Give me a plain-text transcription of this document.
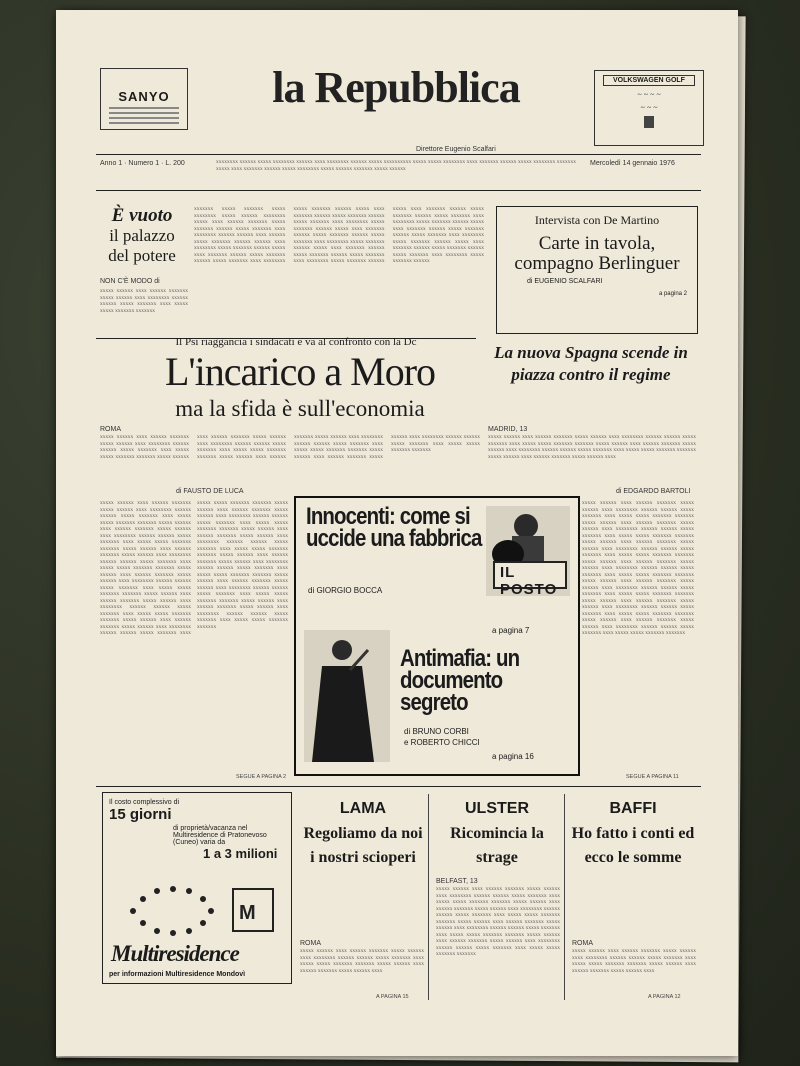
SANYO	la Repubblica
Direttore Eugenio Scalfari
VOLKSWAGEN GOLF
~ ~ ~ ~
~ ~ ~
Anno 1 · Numero 1 · L. 200	xxxxxxxx xxxxxx xxxxx xxxxxxxx xxxxxx xxxx xxxxxxxx xxxxxx xxxxx xxxxxxxxxx xxxxx xxxxx xxxxxxxx xxxx xxxxxxx xxxxxx xxxxx xxxxxxxx xxxxxxx xxxxx xxxx xxxxxxx xxxxxx xxxxx xxxxxxxx xxxxx xxxxxx xxxxxxx xxxxx xxxxxx
Mercoledì 14 gennaio 1976
È vuoto
il palazzo del potere
NON C'È MODO di
xxxxx xxxxxx xxxx xxxxxx xxxxxxx xxxxx xxxxxx xxxx xxxxxxxx xxxxxx xxxxxx xxxxx xxxxxxx xxxx xxxxx xxxxx xxxxxxx xxxxxxx
xxxxxxx xxxxx xxxxxxx xxxxx xxxxxxxx xxxxx xxxxxx xxxxxxxx xxxxx xxxx xxxxxx xxxxxxx xxxxx xxxxxxx xxxxxx xxxxx xxxxxxx xxxx xxxxxxxx xxxxxx xxxxxx xxxx xxxxxx xxxxx xxxxxxx xxxxxx xxxxxx xxxx xxxxxxxx xxxxx xxxxxxx xxxxxx xxxxx xxxx xxxxxxx xxxxxx xxxxx xxxxxxx xxxxxx xxxxx xxxxxxx xxxx xxxxxxxx xxxxx xxxxxxx xxxxxx xxxxx xxxx xxxxxxx xxxxxx xxxxx xxxxxxx xxxxxx xxxxx xxxxxxx xxxx xxxxxxxx xxxxx xxxxxxx xxxxxx xxxxx xxxx xxxxxxx xxxxxx xxxxx xxxxxxx xxxxxx xxxxx xxxxxxx xxxx xxxxxxxx xxxxx xxxxxxx xxxxxx xxxxx xxxx xxxxxxx xxxxxx xxxxx xxxxxxx xxxxxx xxxxx xxxxxxx xxxx xxxxxxxx xxxxx xxxxxxx xxxxxx xxxxx xxxx xxxxxxx xxxxxx xxxxx xxxxxxx xxxxxx xxxxx xxxxxxx xxxx xxxxxxxx xxxxx xxxxxxx xxxxxx xxxxx xxxx xxxxxxx xxxxxx xxxxx xxxxxxx xxxxxx xxxxx xxxxxxx xxxx xxxxxxxx xxxxx xxxxxxx xxxxxx xxxxx xxxx xxxxxxx xxxxxx xxxxx xxxxxxx xxxxxx xxxxx xxxxxxx xxxx xxxxxxxx xxxxx xxxxxxx xxxxxx
Intervista con De Martino
Carte in tavola, compagno Berlinguer
di EUGENIO SCALFARI
a pagina 2
Il Psi riaggancia i sindacati e va al confronto con la Dc
L'incarico a Moro
ma la sfida è sull'economia
La nuova Spagna scende in piazza contro il regime
ROMA
xxxxx xxxxxx xxxx xxxxxx xxxxxxx xxxxx xxxxxx xxxx xxxxxxxx xxxxxx xxxxxx xxxxx xxxxxxx xxxx xxxxx xxxxx xxxxxxx xxxxxxx xxxxx xxxxxx xxxx xxxxxx xxxxxxx xxxxx xxxxxx xxxx xxxxxxxx xxxxxx xxxxxx xxxxx xxxxxxx xxxx xxxxx xxxxx xxxxxxx xxxxxxx xxxxx xxxxxx xxxx xxxxxx xxxxxxx xxxxx xxxxxx xxxx xxxxxxxx xxxxxx xxxxxx xxxxx xxxxxxx xxxx xxxxx xxxxx xxxxxxx xxxxxxx xxxxx xxxxxx xxxx xxxxxx xxxxxxx xxxxx xxxxxx xxxx xxxxxxxx xxxxxx xxxxxx xxxxx xxxxxxx xxxx xxxxx xxxxx xxxxxxx xxxxxxx
MADRID, 13
xxxxx xxxxxx xxxx xxxxxx xxxxxxx xxxxx xxxxxx xxxx xxxxxxxx xxxxxx xxxxxx xxxxx xxxxxxx xxxx xxxxx xxxxx xxxxxxx xxxxxxx xxxxx xxxxxx xxxx xxxxxx xxxxxxx xxxxx xxxxxx xxxx xxxxxxxx xxxxxx xxxxxx xxxxx xxxxxxx xxxx xxxxx xxxxx xxxxxxx xxxxxxx xxxxx xxxxxx xxxx xxxxxx xxxxxxx xxxxx xxxxxx xxxx
di FAUSTO DE LUCA	di EDGARDO BARTOLI
xxxxx xxxxxx xxxx xxxxxx xxxxxxx xxxxx xxxxxx xxxx xxxxxxxx xxxxxx xxxxxx xxxxx xxxxxxx xxxx xxxxx xxxxx xxxxxxx xxxxxxx xxxxx xxxxxx xxxx xxxxxx xxxxxxx xxxxx xxxxxx xxxx xxxxxxxx xxxxxx xxxxxx xxxxx xxxxxxx xxxx xxxxx xxxxx xxxxxxx xxxxxxx xxxxx xxxxxx xxxx xxxxxx xxxxxxx xxxxx xxxxxx xxxx xxxxxxxx xxxxxx xxxxxx xxxxx xxxxxxx xxxx xxxxx xxxxx xxxxxxx xxxxxxx xxxxx xxxxxx xxxx xxxxxx xxxxxxx xxxxx xxxxxx xxxx xxxxxxxx xxxxxx xxxxxx xxxxx xxxxxxx xxxx xxxxx xxxxx xxxxxxx xxxxxxx xxxxx xxxxxx xxxx xxxxxx xxxxxxx xxxxx xxxxxx xxxx xxxxxxxx xxxxxx xxxxxx xxxxx xxxxxxx xxxx xxxxx xxxxx xxxxxxx xxxxxxx xxxxx xxxxxx xxxx xxxxxx xxxxxxx xxxxx xxxxxx xxxx xxxxxxxx xxxxxx xxxxxx xxxxx xxxxxxx xxxx xxxxx xxxxx xxxxxxx xxxxxxx xxxxx xxxxxx xxxx xxxxxx xxxxxxx xxxxx xxxxxx xxxx xxxxxxxx xxxxxx xxxxxx xxxxx xxxxxxx xxxx xxxxx xxxxx xxxxxxx xxxxxxx xxxxx xxxxxx xxxx xxxxxx xxxxxxx xxxxx xxxxxx xxxx xxxxxxxx xxxxxx xxxxxx xxxxx xxxxxxx xxxx xxxxx xxxxx xxxxxxx xxxxxxx xxxxx xxxxxx xxxx xxxxxx xxxxxxx xxxxx xxxxxx xxxx xxxxxxxx xxxxxx xxxxxx xxxxx xxxxxxx xxxx xxxxx xxxxx xxxxxxx xxxxxxx xxxxx xxxxxx xxxx xxxxxx xxxxxxx xxxxx xxxxxx xxxx xxxxxxxx xxxxxx xxxxxx xxxxx xxxxxxx xxxx xxxxx xxxxx xxxxxxx xxxxxxx xxxxx xxxxxx xxxx xxxxxx xxxxxxx xxxxx xxxxxx xxxx xxxxxxxx xxxxxx xxxxxx xxxxx xxxxxxx xxxx xxxxx xxxxx xxxxxxx xxxxxxx
SEGUE A PAGINA 2
xxxxx xxxxxx xxxx xxxxxx xxxxxxx xxxxx xxxxxx xxxx xxxxxxxx xxxxxx xxxxxx xxxxx xxxxxxx xxxx xxxxx xxxxx xxxxxxx xxxxxxx xxxxx xxxxxx xxxx xxxxxx xxxxxxx xxxxx xxxxxx xxxx xxxxxxxx xxxxxx xxxxxx xxxxx xxxxxxx xxxx xxxxx xxxxx xxxxxxx xxxxxxx xxxxx xxxxxx xxxx xxxxxx xxxxxxx xxxxx xxxxxx xxxx xxxxxxxx xxxxxx xxxxxx xxxxx xxxxxxx xxxx xxxxx xxxxx xxxxxxx xxxxxxx xxxxx xxxxxx xxxx xxxxxx xxxxxxx xxxxx xxxxxx xxxx xxxxxxxx xxxxxx xxxxxx xxxxx xxxxxxx xxxx xxxxx xxxxx xxxxxxx xxxxxxx xxxxx xxxxxx xxxx xxxxxx xxxxxxx xxxxx xxxxxx xxxx xxxxxxxx xxxxxx xxxxxx xxxxx xxxxxxx xxxx xxxxx xxxxx xxxxxxx xxxxxxx xxxxx xxxxxx xxxx xxxxxx xxxxxxx xxxxx xxxxxx xxxx xxxxxxxx xxxxxx xxxxxx xxxxx xxxxxxx xxxx xxxxx xxxxx xxxxxxx xxxxxxx xxxxx xxxxxx xxxx xxxxxx xxxxxxx xxxxx xxxxxx xxxx xxxxxxxx xxxxxx xxxxxx xxxxx xxxxxxx xxxx xxxxx xxxxx xxxxxxx xxxxxxx
SEGUE A PAGINA 11
IL POSTO
Innocenti: come si uccide una fabbrica
di GIORGIO BOCCA
a pagina 7
Antimafia: un documento segreto
di BRUNO CORBI
e ROBERTO CHICCI
a pagina 16
Il costo complessivo di
15 giorni
di proprietà/vacanza nel Multiresidence di Pratonevoso (Cuneo) varia da
1 a 3 milioni
M
Multiresidence
per informazioni Multiresidence Mondovì
LAMA
Regoliamo da noi i nostri scioperi
ROMA
xxxxx xxxxxx xxxx xxxxxx xxxxxxx xxxxx xxxxxx xxxx xxxxxxxx xxxxxx xxxxxx xxxxx xxxxxxx xxxx xxxxx xxxxx xxxxxxx xxxxxxx xxxxx xxxxxx xxxx xxxxxx xxxxxxx xxxxx xxxxxx xxxx
A PAGINA 15
ULSTER
Ricomincia la strage
BELFAST, 13
xxxxx xxxxxx xxxx xxxxxx xxxxxxx xxxxx xxxxxx xxxx xxxxxxxx xxxxxx xxxxxx xxxxx xxxxxxx xxxx xxxxx xxxxx xxxxxxx xxxxxxx xxxxx xxxxxx xxxx xxxxxx xxxxxxx xxxxx xxxxxx xxxx xxxxxxxx xxxxxx xxxxxx xxxxx xxxxxxx xxxx xxxxx xxxxx xxxxxxx xxxxxxx xxxxx xxxxxx xxxx xxxxxx xxxxxxx xxxxx xxxxxx xxxx xxxxxxxx xxxxxx xxxxxx xxxxx xxxxxxx xxxx xxxxx xxxxx xxxxxxx xxxxxxx xxxxx xxxxxx xxxx xxxxxx xxxxxxx xxxxx xxxxxx xxxx xxxxxxxx xxxxxx xxxxxx xxxxx xxxxxxx xxxx xxxxx xxxxx xxxxxxx xxxxxxx
BAFFI
Ho fatto i conti ed ecco le somme
ROMA
xxxxx xxxxxx xxxx xxxxxx xxxxxxx xxxxx xxxxxx xxxx xxxxxxxx xxxxxx xxxxxx xxxxx xxxxxxx xxxx xxxxx xxxxx xxxxxxx xxxxxxx xxxxx xxxxxx xxxx xxxxxx xxxxxxx xxxxx xxxxxx xxxx
A PAGINA 12
